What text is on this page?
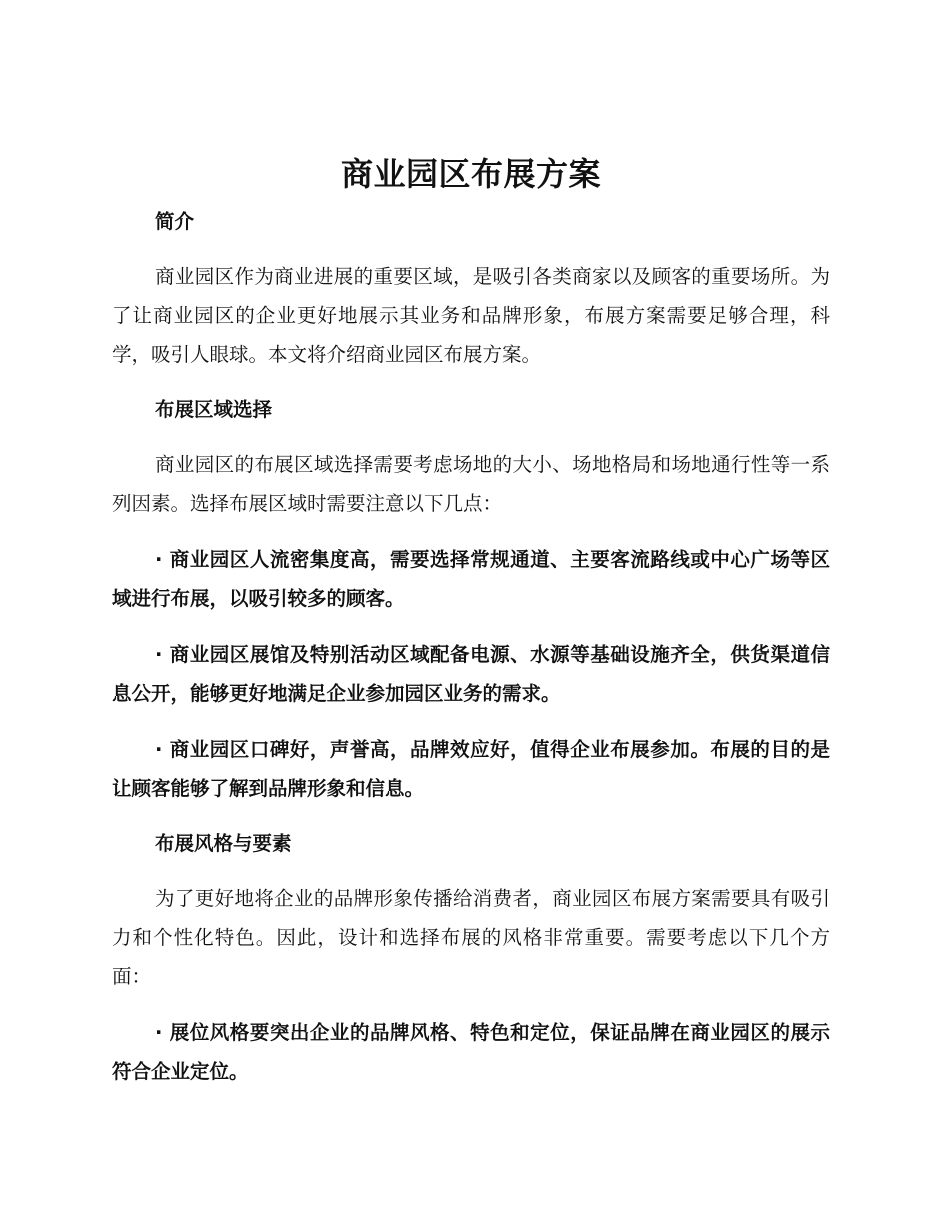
商业园区布展方案

简介

商业园区作为商业进展的重要区域，是吸引各类商家以及顾客的重要场所。为了让商业园区的企业更好地展示其业务和品牌形象，布展方案需要足够合理，科学，吸引人眼球。本文将介绍商业园区布展方案。

布展区域选择

商业园区的布展区域选择需要考虑场地的大小、场地格局和场地通行性等一系列因素。选择布展区域时需要注意以下几点：

· 商业园区人流密集度高，需要选择常规通道、主要客流路线或中心广场等区域进行布展，以吸引较多的顾客。

· 商业园区展馆及特别活动区域配备电源、水源等基础设施齐全，供货渠道信息公开，能够更好地满足企业参加园区业务的需求。

· 商业园区口碑好，声誉高，品牌效应好，值得企业布展参加。布展的目的是让顾客能够了解到品牌形象和信息。

布展风格与要素

为了更好地将企业的品牌形象传播给消费者，商业园区布展方案需要具有吸引力和个性化特色。因此，设计和选择布展的风格非常重要。需要考虑以下几个方面：

· 展位风格要突出企业的品牌风格、特色和定位，保证品牌在商业园区的展示符合企业定位。
